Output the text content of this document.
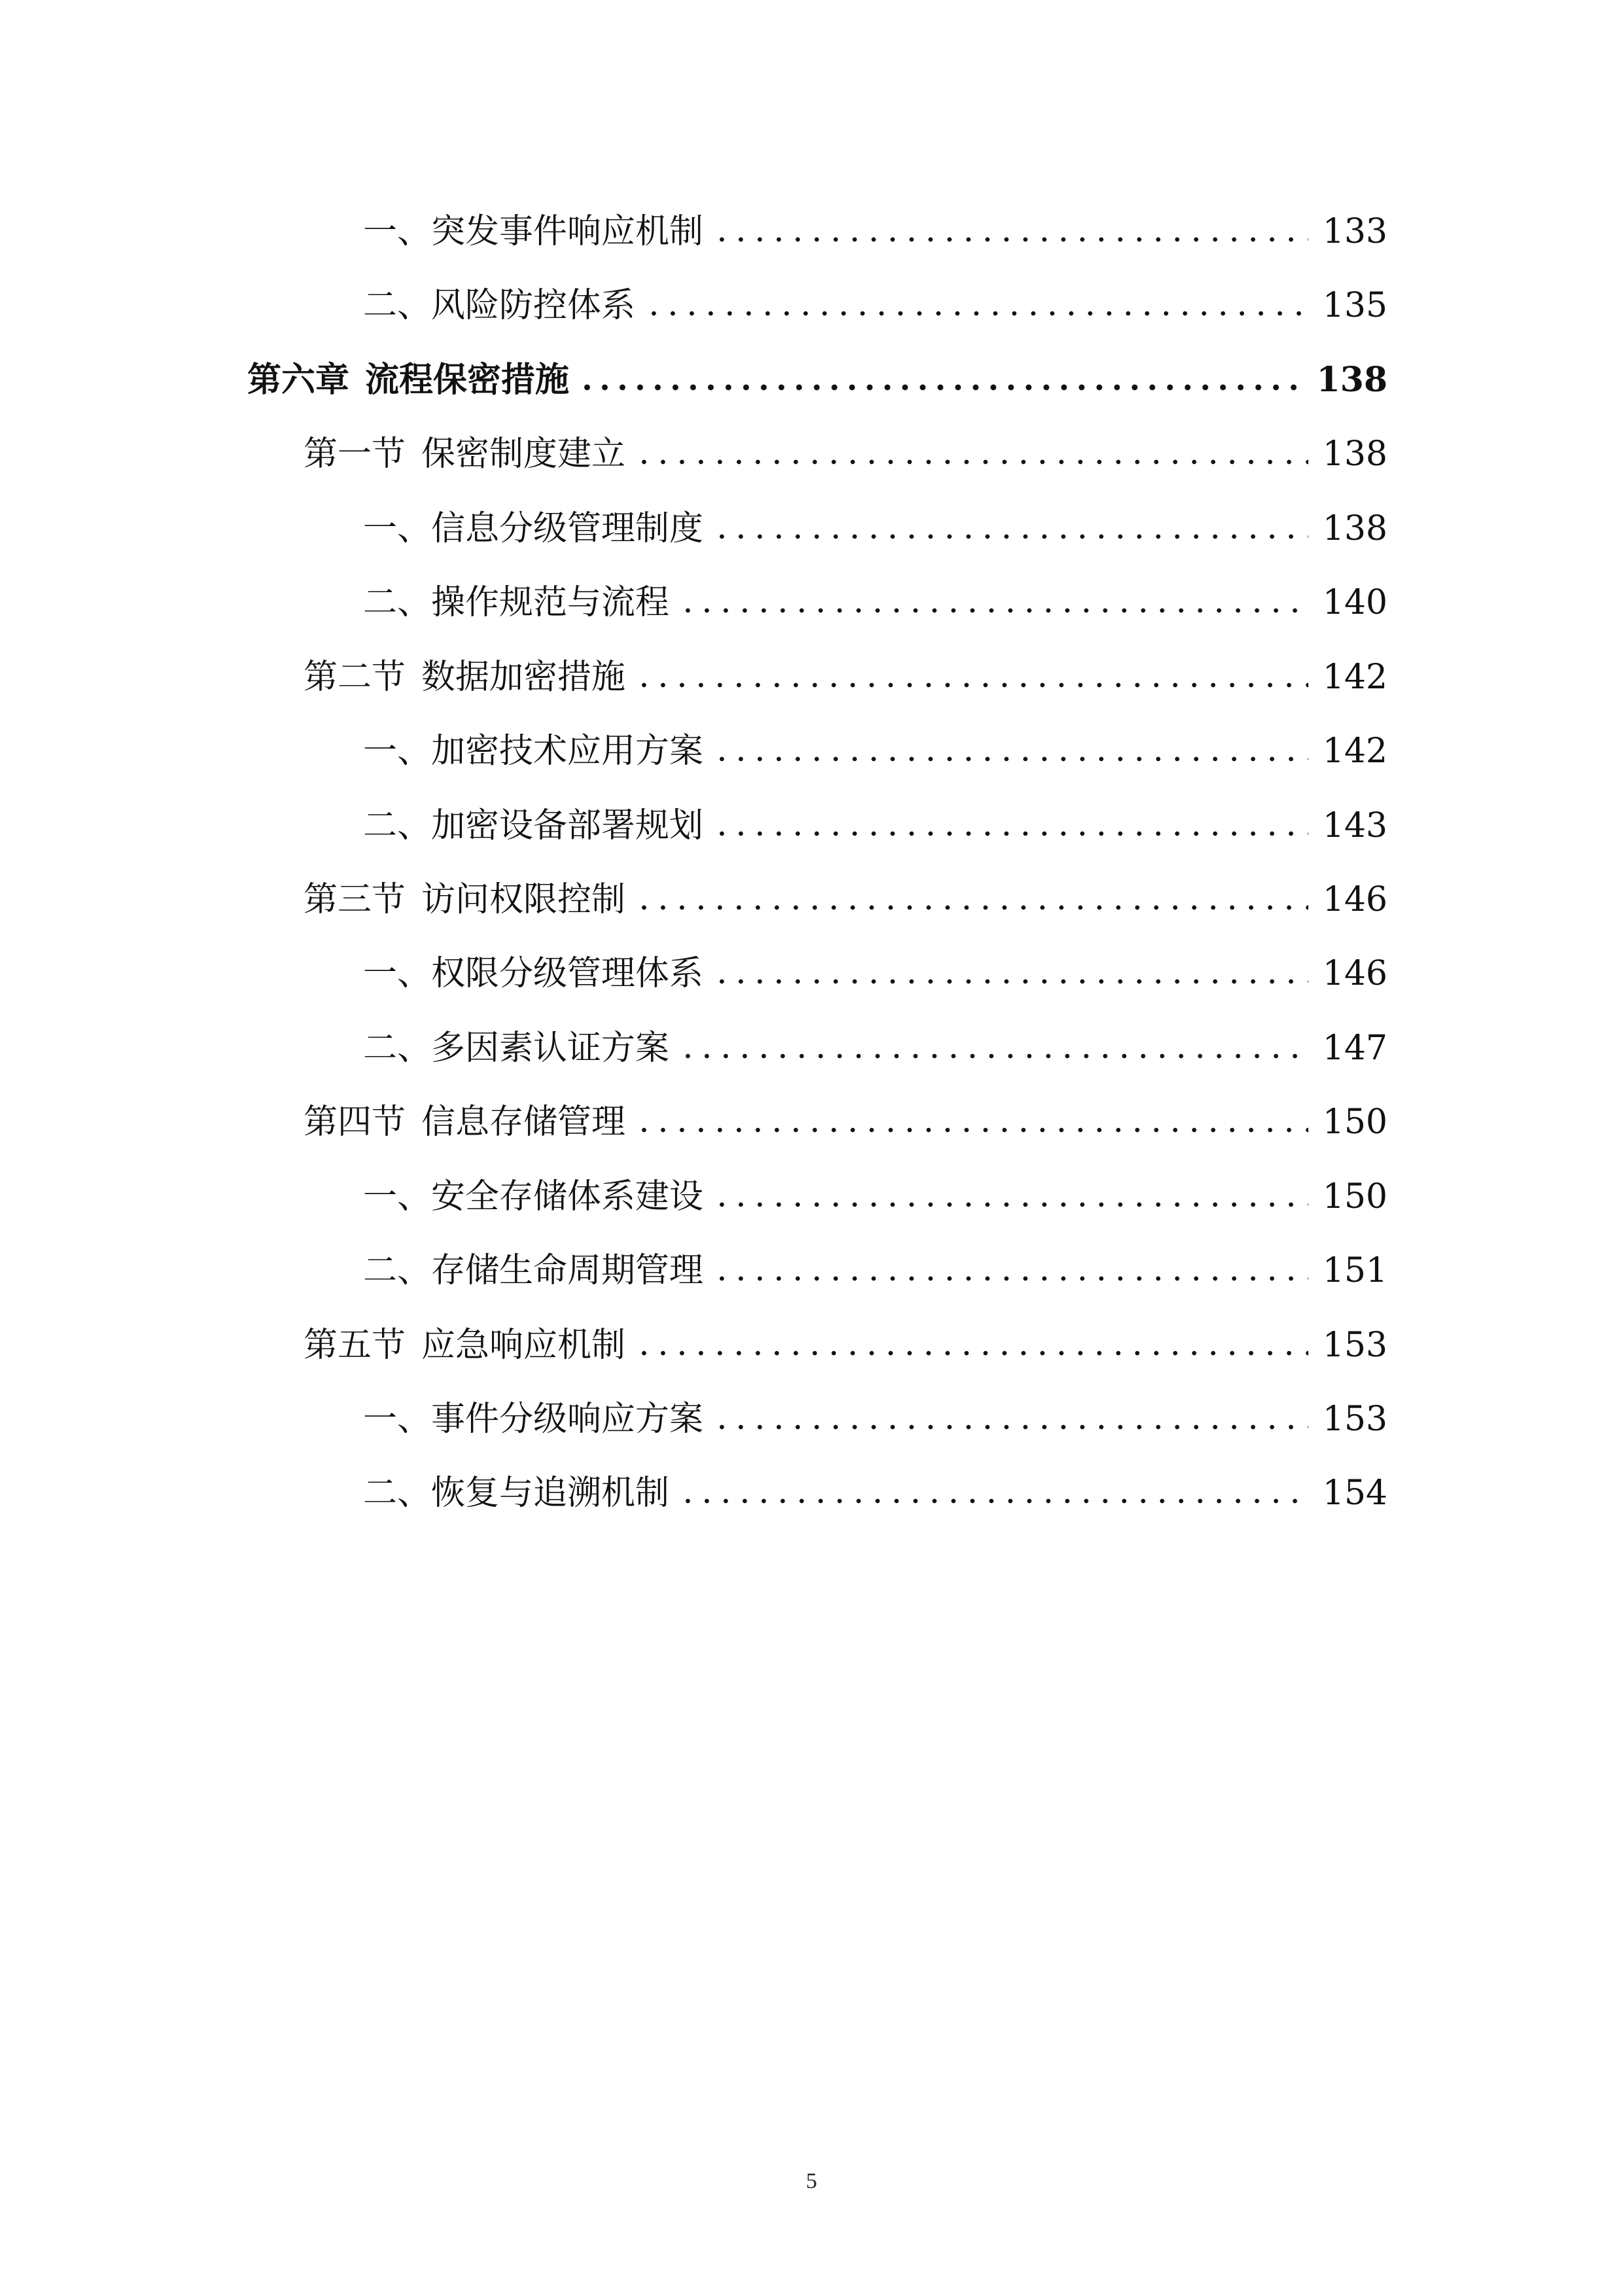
一、 突发事件响应机制	133
二、 风险防控体系	135
第六章 流程保密措施	138
第一节 保密制度建立	138
一、 信息分级管理制度	138
二、 操作规范与流程	140
第二节 数据加密措施	142
一、 加密技术应用方案	142
二、 加密设备部署规划	143
第三节 访问权限控制	146
一、 权限分级管理体系	146
二、 多因素认证方案	147
第四节 信息存储管理	150
一、 安全存储体系建设	150
二、 存储生命周期管理	151
第五节 应急响应机制	153
一、 事件分级响应方案	153
二、 恢复与追溯机制	154
5
